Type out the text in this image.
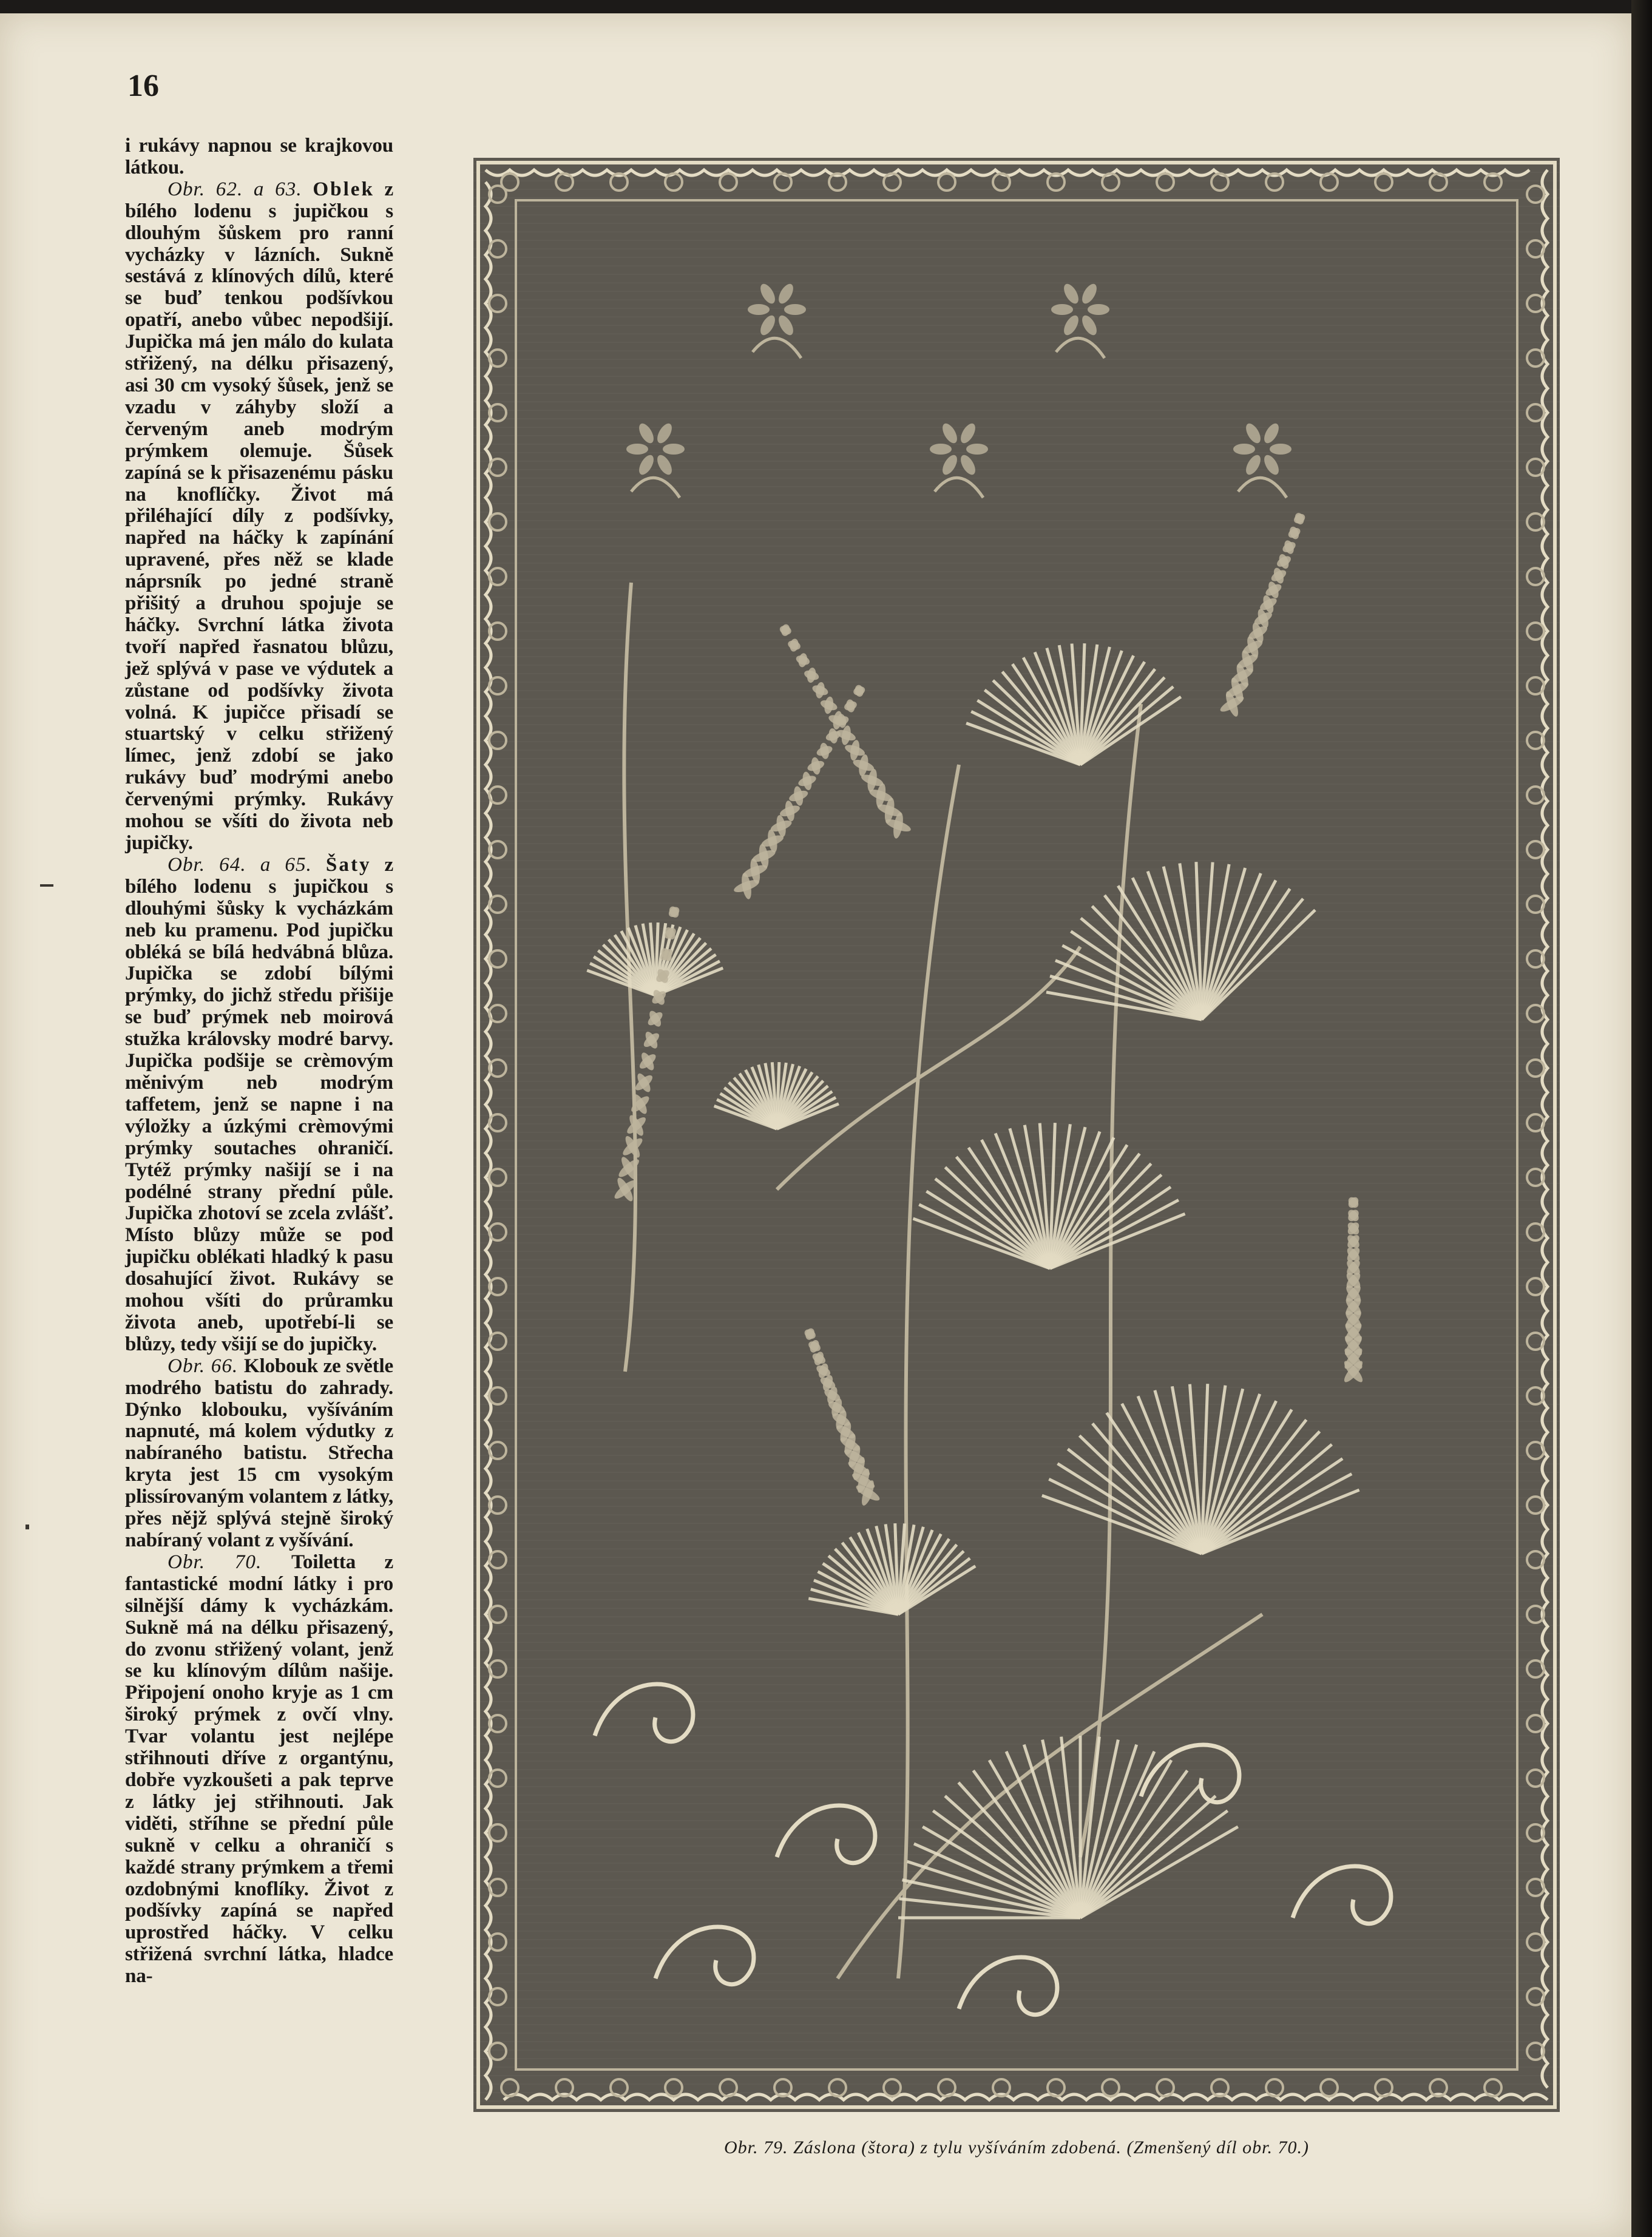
16

i rukávy napnou se krajkovou látkou.

Obr. 62. a 63. Oblek z bílého lodenu s jupičkou s dlouhým šůskem pro ranní vycházky v lázních. Sukně sestává z klínových dílů, které se buď tenkou podšívkou opatří, anebo vůbec nepodšijí. Jupička má jen málo do kulata střižený, na délku přisazený, asi 30 cm vysoký šůsek, jenž se vzadu v záhyby složí a červeným aneb modrým prýmkem olemuje. Šůsek zapíná se k přisazenému pásku na knoflíčky. Život má přiléhající díly z podšívky, napřed na háčky k zapínání upravené, přes něž se klade náprsník po jedné straně přišitý a druhou spojuje se háčky. Svrchní látka života tvoří napřed řasnatou blůzu, jež splývá v pase ve výdutek a zůstane od podšívky života volná. K jupičce přisadí se stuartský v celku střižený límec, jenž zdobí se jako rukávy buď modrými anebo červenými prýmky. Rukávy mohou se všíti do života neb jupičky.

Obr. 64. a 65. Šaty z bílého lodenu s jupičkou s dlouhými šůsky k vycházkám neb ku pramenu. Pod jupičku obléká se bílá hedvábná blůza. Jupička se zdobí bílými prýmky, do jichž středu přišije se buď prýmek neb moirová stužka královsky modré barvy. Jupička podšije se crèmovým měnivým neb modrým taffetem, jenž se napne i na výložky a úzkými crèmovými prýmky soutaches ohraničí. Tytéž prýmky našijí se i na podélné strany přední půle. Jupička zhotoví se zcela zvlášť. Místo blůzy může se pod jupičku oblékati hladký k pasu dosahující život. Rukávy se mohou všíti do průramku života aneb, upotřebí-li se blůzy, tedy všijí se do jupičky.

Obr. 66. Klobouk ze světle modrého batistu do zahrady. Dýnko klobouku, vyšíváním napnuté, má kolem výdutky z nabíraného batistu. Střecha kryta jest 15 cm vysokým plissírovaným volantem z látky, přes nějž splývá stejně široký nabíraný volant z vyšívání.

Obr. 70. Toiletta z fantastické modní látky i pro silnější dámy k vycházkám. Sukně má na délku přisazený, do zvonu střižený volant, jenž se ku klínovým dílům našije. Připojení onoho kryje as 1 cm široký prýmek z ovčí vlny. Tvar volantu jest nejlépe střihnouti dříve z organtýnu, dobře vyzkoušeti a pak teprve z látky jej střihnouti. Jak viděti, stříhne se přední půle sukně v celku a ohraničí s každé strany prýmkem a třemi ozdobnými knoflíky. Život z podšívky zapíná se napřed uprostřed háčky. V celku střižená svrchní látka, hladce na-

Obr. 79. Záslona (štora) z tylu vyšíváním zdobená. (Zmenšený díl obr. 70.)
